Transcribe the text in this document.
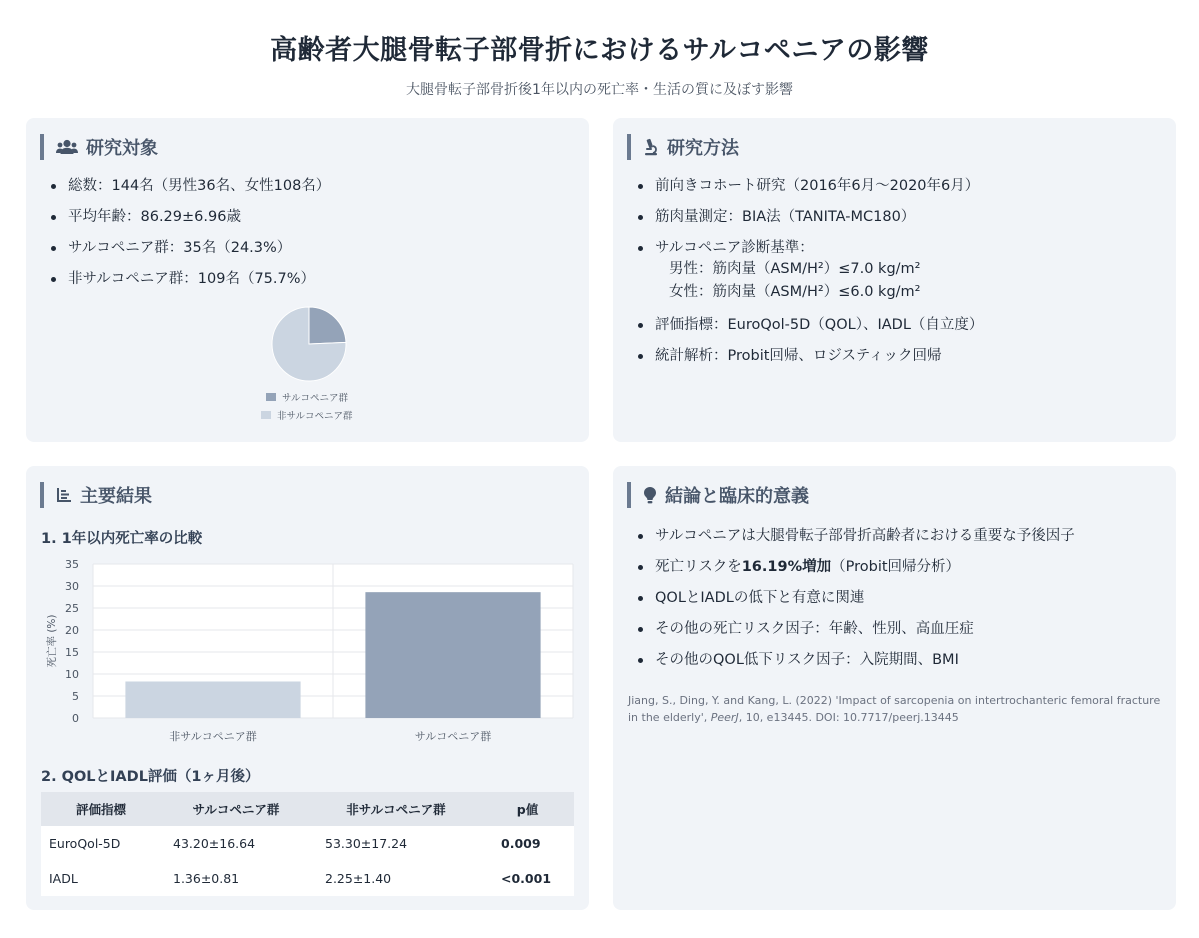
高齢者大腿骨転子部骨折におけるサルコペニアの影響
大腿骨転子部骨折後1年以内の死亡率・生活の質に及ぼす影響
研究対象
総数：144名（男性36名、女性108名）
平均年齢：86.29±6.96歳
サルコペニア群：35名（24.3%）
非サルコペニア群：109名（75.7%）
サルコペニア群
非サルコペニア群
研究方法
前向きコホート研究（2016年6月～2020年6月）
筋肉量測定：BIA法（TANITA-MC180）
サルコペニア診断基準：
男性：筋肉量（ASM/H²）≤7.0 kg/m²
女性：筋肉量（ASM/H²）≤6.0 kg/m²
評価指標：EuroQol-5D（QOL）、IADL（自立度）
統計解析：Probit回帰、ロジスティック回帰
主要結果
1. 1年以内死亡率の比較
0
5
10
15
20
25
30
35
非サルコペニア群	サルコペニア群
死亡率 (%)
2. QOLとIADL評価（1ヶ月後）
評価指標	サルコペニア群	非サルコペニア群	p値
EuroQol-5D	43.20±16.64	53.30±17.24	0.009
IADL	1.36±0.81	2.25±1.40	<0.001
結論と臨床的意義
サルコペニアは大腿骨転子部骨折高齢者における重要な予後因子
死亡リスクを16.19%増加（Probit回帰分析）
QOLとIADLの低下と有意に関連
その他の死亡リスク因子：年齢、性別、高血圧症
その他のQOL低下リスク因子：入院期間、BMI
Jiang, S., Ding, Y. and Kang, L. (2022) 'Impact of sarcopenia on intertrochanteric femoral fracture in the elderly', PeerJ, 10, e13445. DOI: 10.7717/peerj.13445
